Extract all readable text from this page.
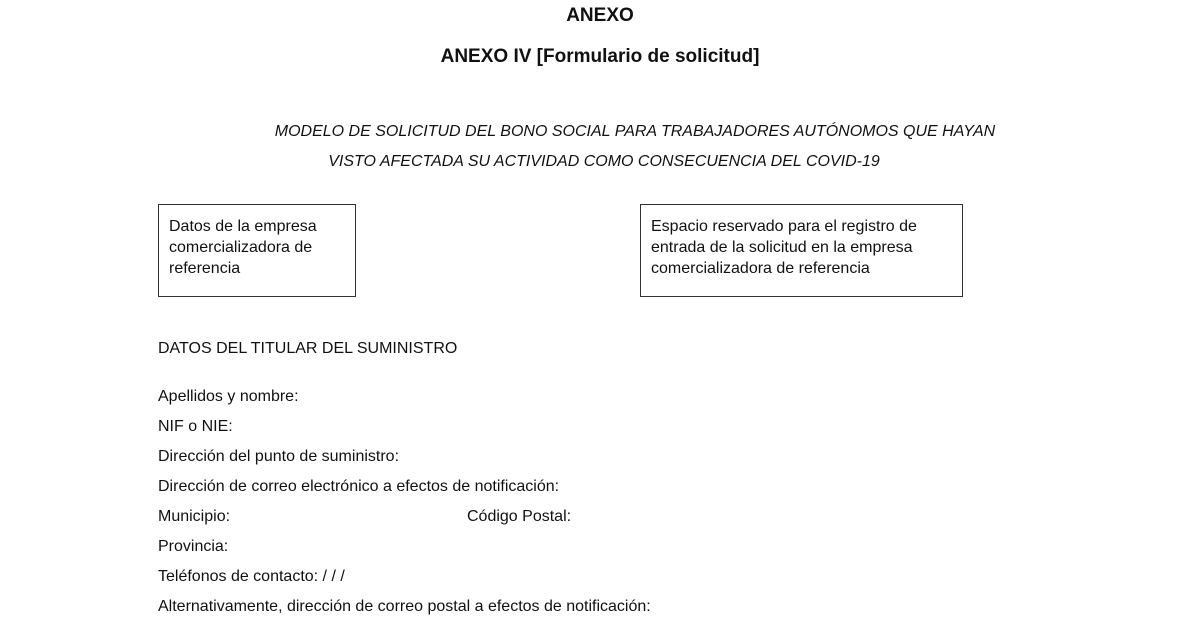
ANEXO
ANEXO IV [Formulario de solicitud]
MODELO DE SOLICITUD DEL BONO SOCIAL PARA TRABAJADORES AUTÓNOMOS QUE HAYAN
VISTO AFECTADA SU ACTIVIDAD COMO CONSECUENCIA DEL COVID-19
Datos de la empresa
comercializadora de
referencia
Espacio reservado para el registro de
entrada de la solicitud en la empresa
comercializadora de referencia
DATOS DEL TITULAR DEL SUMINISTRO
Apellidos y nombre:
NIF o NIE:
Dirección del punto de suministro:
Dirección de correo electrónico a efectos de notificación:
Municipio:	Código Postal:
Provincia:
Teléfonos de contacto: / / /
Alternativamente, dirección de correo postal a efectos de notificación:
